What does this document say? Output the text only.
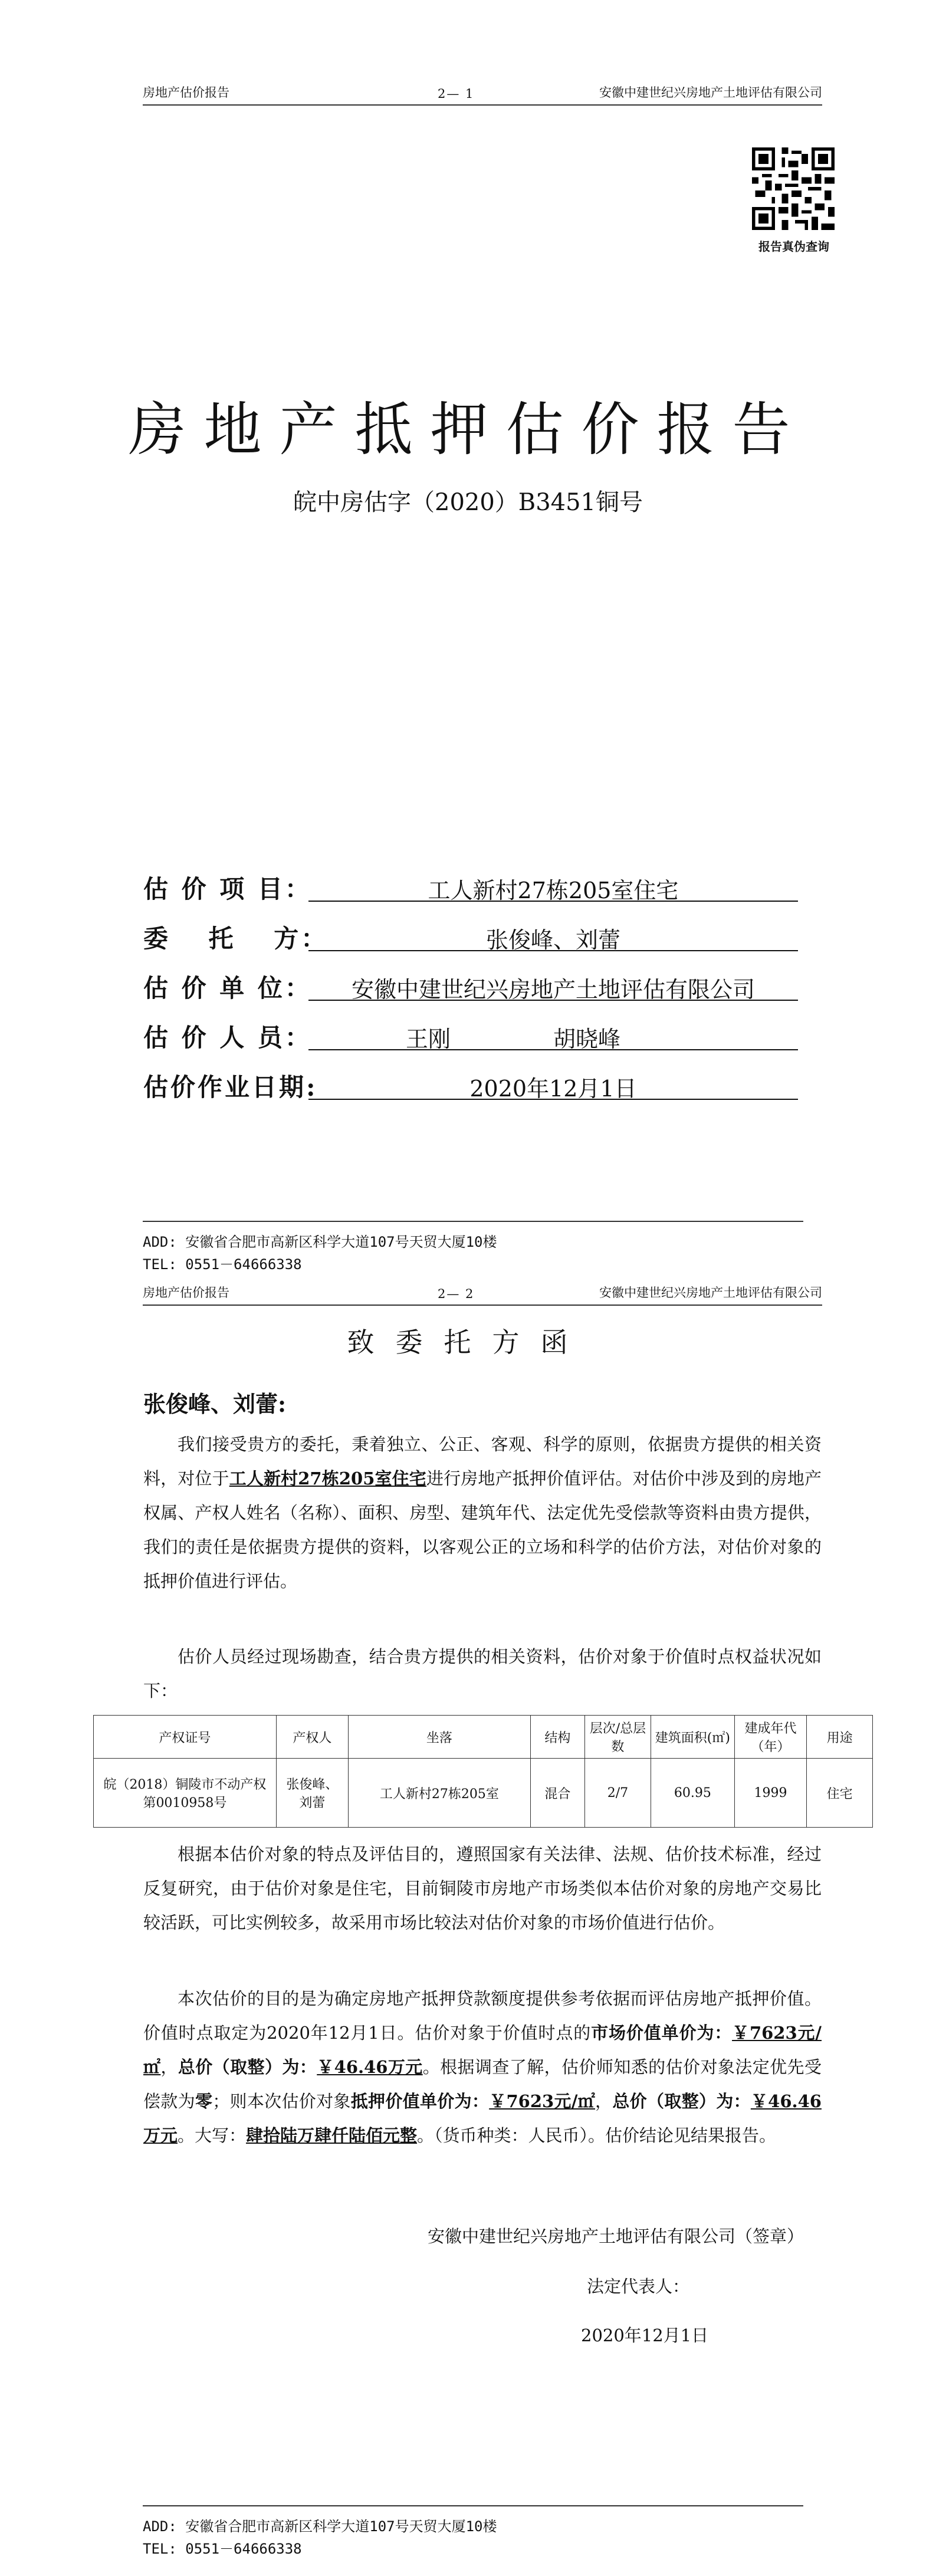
房地产估价报告	2— 1	安徽中建世纪兴房地产土地评估有限公司
报告真伪查询
房地产抵押估价报告
皖中房估字（2020）B3451铜号
估 价 项 目：	工人新村27栋205室住宅
委　 托　 方：	张俊峰、刘蕾
估 价 单 位：	安徽中建世纪兴房地产土地评估有限公司
估 价 人 员：	王刚	胡晓峰
估价作业日期:	2020年12月1日
ADD: 安徽省合肥市高新区科学大道107号天贸大厦10楼
TEL: 0551－64666338
房地产估价报告	2— 2	安徽中建世纪兴房地产土地评估有限公司
致委托方函
张俊峰、刘蕾:
我们接受贵方的委托，秉着独立、公正、客观、科学的原则，依据贵方提供的相关资料，对位于工人新村27栋205室住宅进行房地产抵押价值评估。对估价中涉及到的房地产权属、产权人姓名（名称）、面积、房型、建筑年代、法定优先受偿款等资料由贵方提供，我们的责任是依据贵方提供的资料，以客观公正的立场和科学的估价方法，对估价对象的抵押价值进行评估。
估价人员经过现场勘查，结合贵方提供的相关资料，估价对象于价值时点权益状况如下：
产权证号	产权人	坐落	结构	层次/总层数	建筑面积(㎡)	建成年代（年）	用途
皖（2018）铜陵市不动产权第0010958号	张俊峰、刘蕾	工人新村27栋205室	混合	2/7	60.95	1999	住宅
根据本估价对象的特点及评估目的，遵照国家有关法律、法规、估价技术标准，经过反复研究，由于估价对象是住宅，目前铜陵市房地产市场类似本估价对象的房地产交易比较活跃，可比实例较多，故采用市场比较法对估价对象的市场价值进行估价。
本次估价的目的是为确定房地产抵押贷款额度提供参考依据而评估房地产抵押价值。价值时点取定为2020年12月1日。估价对象于价值时点的市场价值单价为：￥7623元/㎡，总价（取整）为：￥46.46万元。根据调查了解，估价师知悉的估价对象法定优先受偿款为零；则本次估价对象抵押价值单价为：￥7623元/㎡，总价（取整）为：￥46.46万元。大写：肆拾陆万肆仟陆佰元整。（货币种类：人民币）。估价结论见结果报告。
安徽中建世纪兴房地产土地评估有限公司（签章）
法定代表人：
2020年12月1日
ADD: 安徽省合肥市高新区科学大道107号天贸大厦10楼
TEL: 0551－64666338
